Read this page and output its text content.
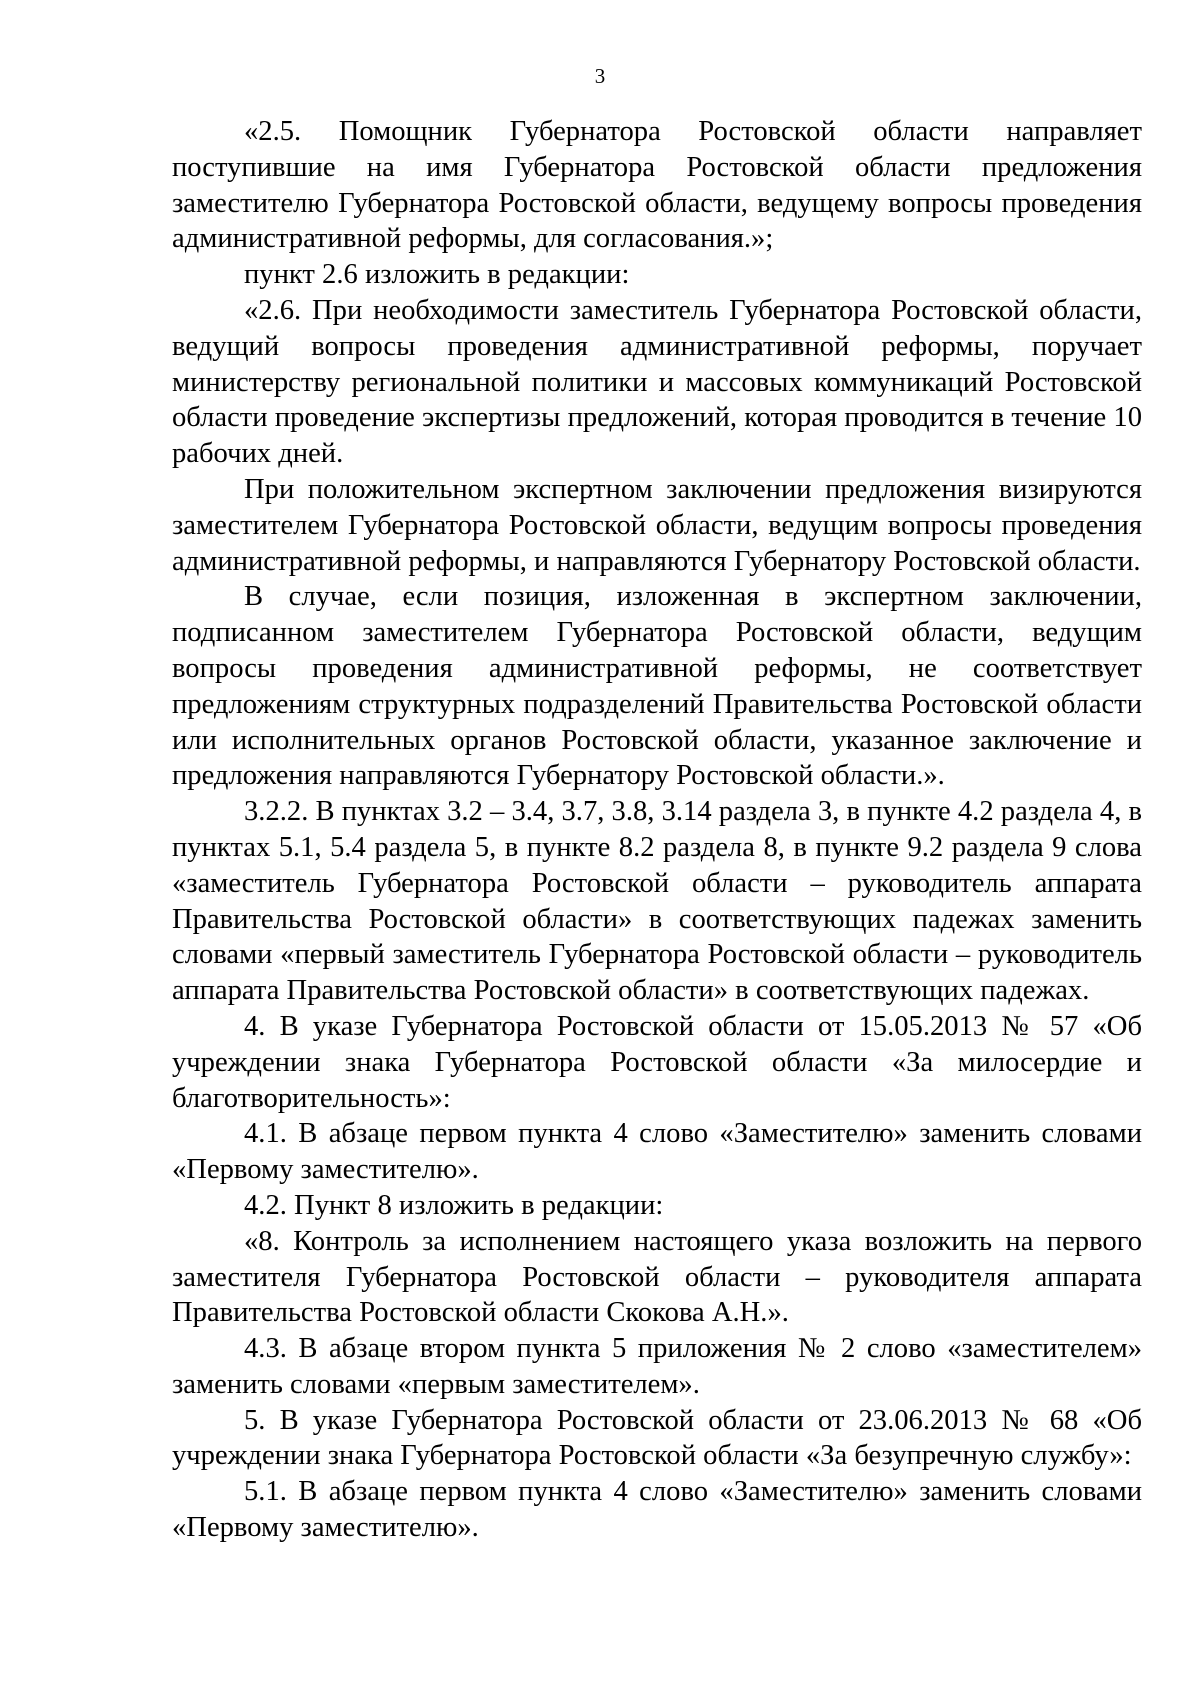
3

«2.5. Помощник Губернатора Ростовской области направляет поступившие на имя Губернатора Ростовской области предложения заместителю Губернатора Ростовской области, ведущему вопросы проведения административной реформы, для согласования.»;

пункт 2.6 изложить в редакции:

«2.6. При необходимости заместитель Губернатора Ростовской области, ведущий вопросы проведения административной реформы, поручает министерству региональной политики и массовых коммуникаций Ростовской области проведение экспертизы предложений, которая проводится в течение 10 рабочих дней.

При положительном экспертном заключении предложения визируются заместителем Губернатора Ростовской области, ведущим вопросы проведения административной реформы, и направляются Губернатору Ростовской области.

В случае, если позиция, изложенная в экспертном заключении, подписанном заместителем Губернатора Ростовской области, ведущим вопросы проведения административной реформы, не соответствует предложениям структурных подразделений Правительства Ростовской области или исполнительных органов Ростовской области, указанное заключение и предложения направляются Губернатору Ростовской области.».

3.2.2. В пунктах 3.2 – 3.4, 3.7, 3.8, 3.14 раздела 3, в пункте 4.2 раздела 4, в пунктах 5.1, 5.4 раздела 5, в пункте 8.2 раздела 8, в пункте 9.2 раздела 9 слова «заместитель Губернатора Ростовской области – руководитель аппарата Правительства Ростовской области» в соответствующих падежах заменить словами «первый заместитель Губернатора Ростовской области – руководитель аппарата Правительства Ростовской области» в соответствующих падежах.

4. В указе Губернатора Ростовской области от 15.05.2013 № 57 «Об учреждении знака Губернатора Ростовской области «За милосердие и благотворительность»:

4.1. В абзаце первом пункта 4 слово «Заместителю» заменить словами «Первому заместителю».

4.2. Пункт 8 изложить в редакции:

«8. Контроль за исполнением настоящего указа возложить на первого заместителя Губернатора Ростовской области – руководителя аппарата Правительства Ростовской области Скокова А.Н.».

4.3. В абзаце втором пункта 5 приложения № 2 слово «заместителем» заменить словами «первым заместителем».

5. В указе Губернатора Ростовской области от 23.06.2013 № 68 «Об учреждении знака Губернатора Ростовской области «За безупречную службу»:

5.1. В абзаце первом пункта 4 слово «Заместителю» заменить словами «Первому заместителю».
